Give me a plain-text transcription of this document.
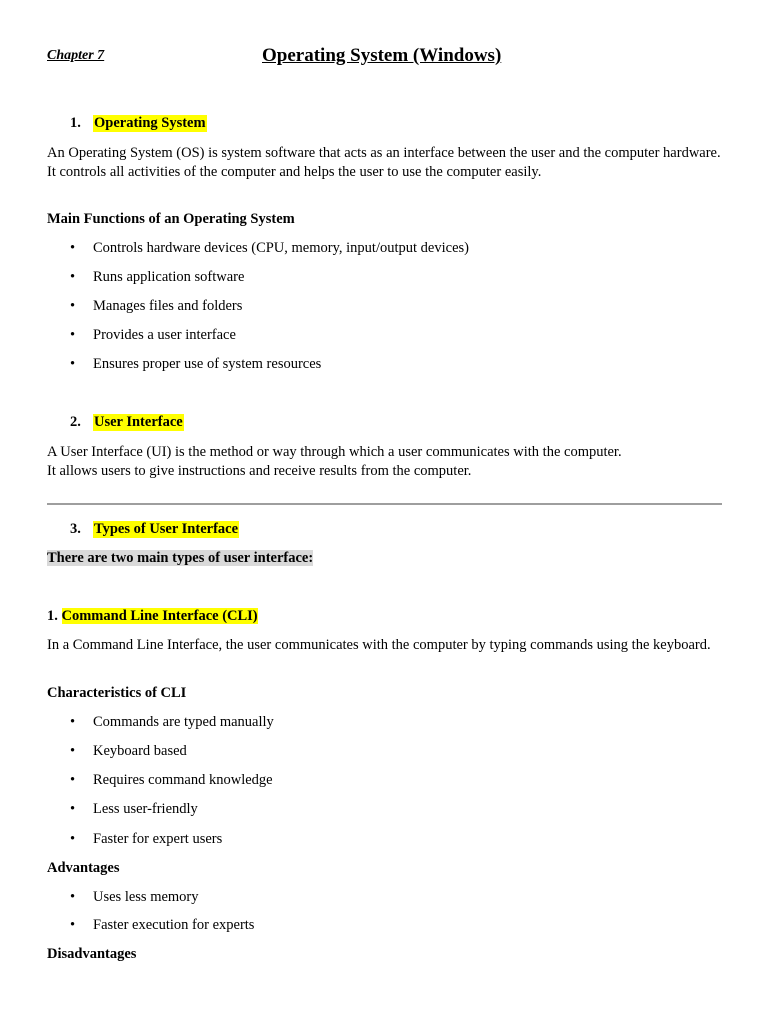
Chapter 7	Operating System (Windows)
1. Operating System
An Operating System (OS) is system software that acts as an interface between the user and the computer hardware.
It controls all activities of the computer and helps the user to use the computer easily.
Main Functions of an Operating System
• Controls hardware devices (CPU, memory, input/output devices)
• Runs application software
• Manages files and folders
• Provides a user interface
• Ensures proper use of system resources
2. User Interface
A User Interface (UI) is the method or way through which a user communicates with the computer.
It allows users to give instructions and receive results from the computer.
3. Types of User Interface
There are two main types of user interface:
1. Command Line Interface (CLI)
In a Command Line Interface, the user communicates with the computer by typing commands using the keyboard.
Characteristics of CLI
• Commands are typed manually
• Keyboard based
• Requires command knowledge
• Less user-friendly
• Faster for expert users
Advantages
• Uses less memory
• Faster execution for experts
Disadvantages
